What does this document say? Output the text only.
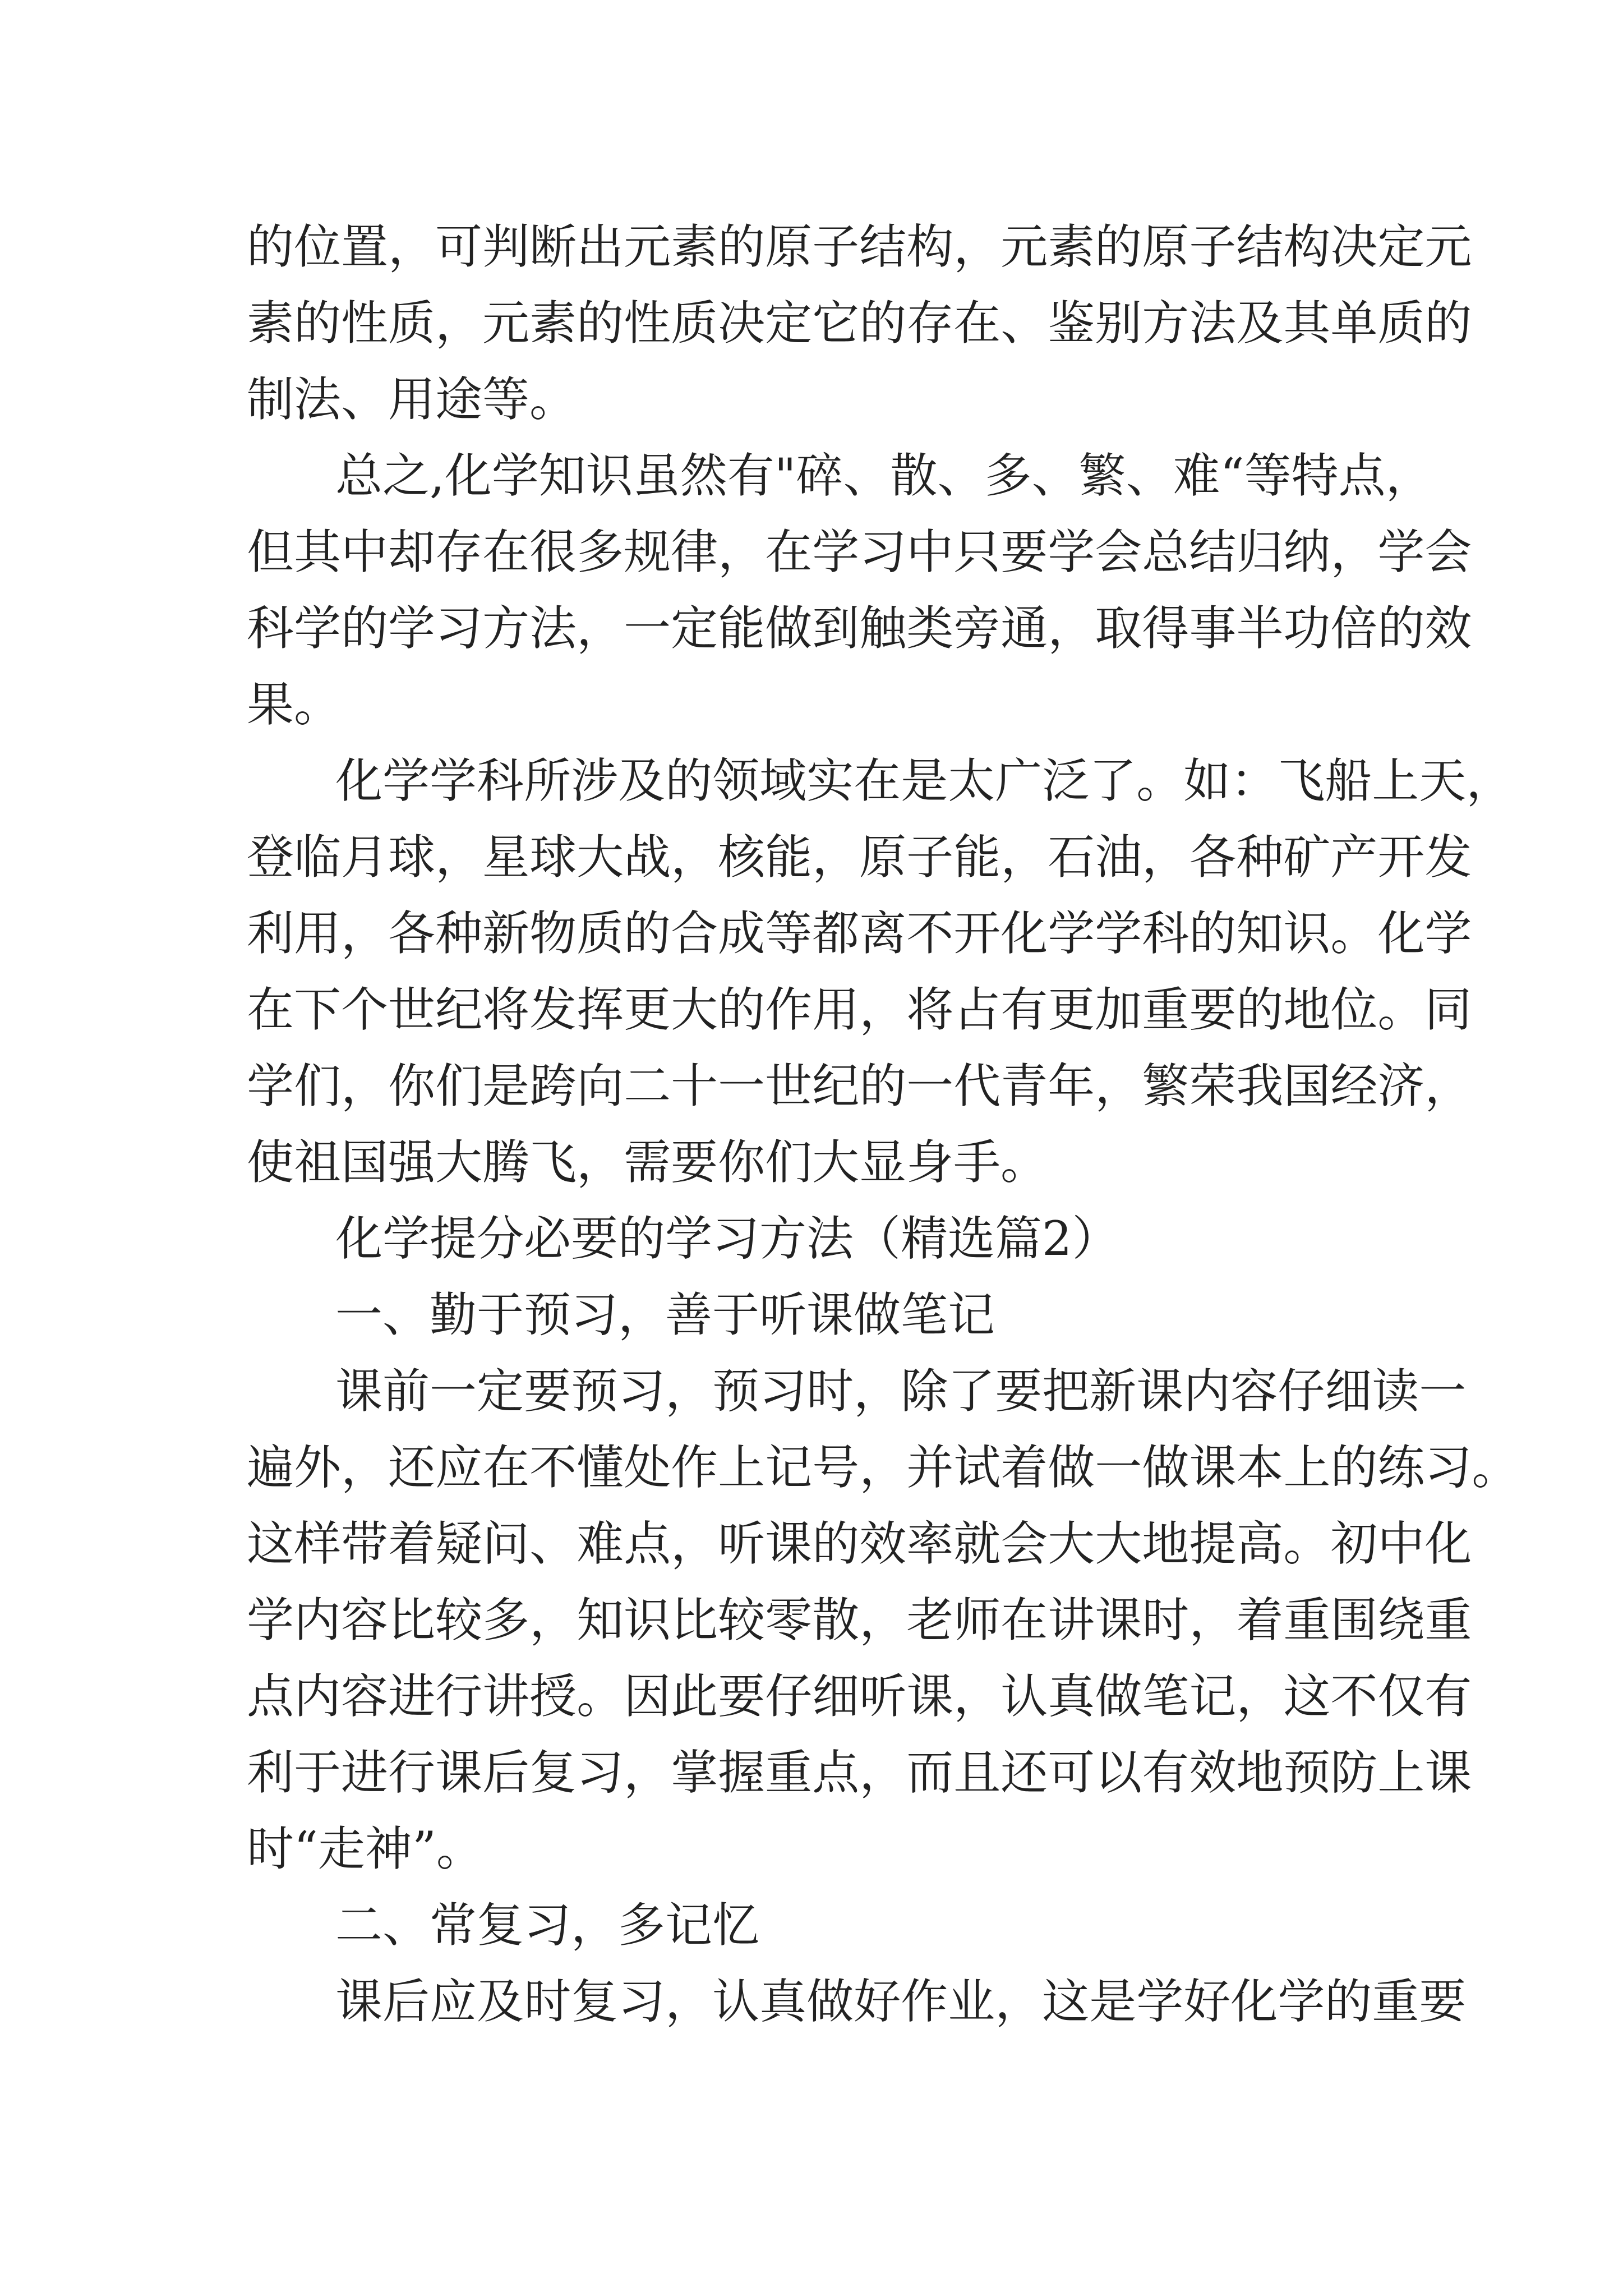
的 位 置 ， 可 判 断 出 元 素 的 原 子 结 构 ， 元 素 的 原 子 结 构 决 定 元
素 的 性 质 ， 元 素 的 性 质 决 定 它 的 存 在 、 鉴 别 方 法 及 其 单 质 的
制法、用途等。
总 之 , 化 学 知 识 虽 然 有 " 碎 、 散 、 多 、 繁 、 难 “ 等 特 点 ，
但 其 中 却 存 在 很 多 规 律 ， 在 学 习 中 只 要 学 会 总 结 归 纳 ， 学 会
科 学 的 学 习 方 法 ， 一 定 能 做 到 触 类 旁 通 ， 取 得 事 半 功 倍 的 效
果。
化 学 学 科 所 涉 及 的 领 域 实 在 是 太 广 泛 了 。 如 ： 飞 船 上 天 ，
登 临 月 球 ， 星 球 大 战 ， 核 能 ， 原 子 能 ， 石 油 ， 各 种 矿 产 开 发
利 用 ， 各 种 新 物 质 的 合 成 等 都 离 不 开 化 学 学 科 的 知 识 。 化 学
在 下 个 世 纪 将 发 挥 更 大 的 作 用 ， 将 占 有 更 加 重 要 的 地 位 。 同
学 们 ， 你 们 是 跨 向 二 十 一 世 纪 的 一 代 青 年 ， 繁 荣 我 国 经 济 ，
使祖国强大腾飞，需要你们大显身手。
化学提分必要的学习方法（精选篇2）
一、勤于预习，善于听课做笔记
课 前 一 定 要 预 习 ， 预 习 时 ， 除 了 要 把 新 课 内 容 仔 细 读 一
遍 外 ， 还 应 在 不 懂 处 作 上 记 号 ， 并 试 着 做 一 做 课 本 上 的 练 习 。
这 样 带 着 疑 问 、 难 点 ， 听 课 的 效 率 就 会 大 大 地 提 高 。 初 中 化
学 内 容 比 较 多 ， 知 识 比 较 零 散 ， 老 师 在 讲 课 时 ， 着 重 围 绕 重
点 内 容 进 行 讲 授 。 因 此 要 仔 细 听 课 ， 认 真 做 笔 记 ， 这 不 仅 有
利 于 进 行 课 后 复 习 ， 掌 握 重 点 ， 而 且 还 可 以 有 效 地 预 防 上 课
时“走神”。
二、常复习，多记忆
课 后 应 及 时 复 习 ， 认 真 做 好 作 业 ， 这 是 学 好 化 学 的 重 要
